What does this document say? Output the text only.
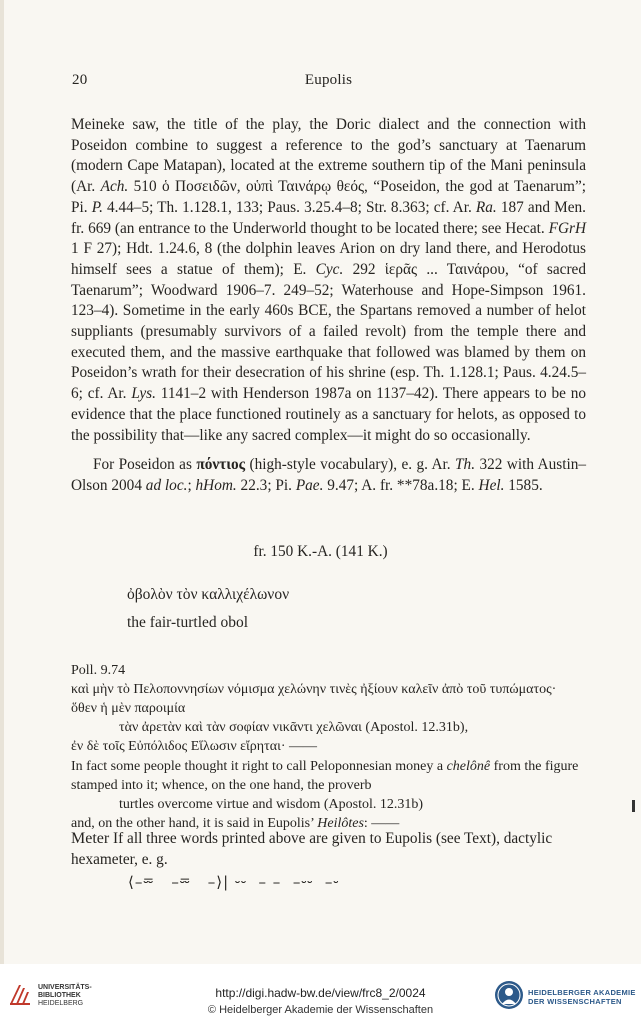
20	Eupolis

Meineke saw, the title of the play, the Doric dialect and the connection with Poseidon combine to suggest a reference to the god’s sanctuary at Taenarum (modern Cape Matapan), located at the extreme southern tip of the Mani peninsula (Ar. Ach. 510 ὁ Ποσειδῶν, οὑπὶ Ταινάρῳ θεός, “Poseidon, the god at Taenarum”; Pi. P. 4.44–5; Th. 1.128.1, 133; Paus. 3.25.4–8; Str. 8.363; cf. Ar. Ra. 187 and Men. fr. 669 (an entrance to the Underworld thought to be located there; see Hecat. FGrH 1 F 27); Hdt. 1.24.6, 8 (the dolphin leaves Arion on dry land there, and Herodotus himself sees a statue of them); E. Cyc. 292 ἱερᾶς ... Ταινάρου, “of sacred Taenarum”; Woodward 1906–7. 249–52; Waterhouse and Hope-Simpson 1961. 123–4). Sometime in the early 460s BCE, the Spartans removed a number of helot suppliants (presumably survivors of a failed revolt) from the temple there and executed them, and the massive earthquake that followed was blamed by them on Poseidon’s wrath for their desecration of his shrine (esp. Th. 1.128.1; Paus. 4.24.5–6; cf. Ar. Lys. 1141–2 with Henderson 1987a on 1137–42). There appears to be no evidence that the place functioned routinely as a sanctuary for helots, as opposed to the possibility that—like any sacred complex—it might do so occasionally.

For Poseidon as πόντιος (high-style vocabulary), e. g. Ar. Th. 322 with Austin–Olson 2004 ad loc.; hHom. 22.3; Pi. Pae. 9.47; A. fr. **78a.18; E. Hel. 1585.

fr. 150 K.-A. (141 K.)
ὀβολὸν τὸν καλλιχέλωνον
the fair-turtled obol

Poll. 9.74

καὶ μὴν τὸ Πελοποννησίων νόμισμα χελώνην τινὲς ἠξίουν καλεῖν ἀπὸ τοῦ τυπώματος·

ὅθεν ἡ μὲν παροιμία

τὰν ἀρετὰν καὶ τὰν σοφίαν νικᾶντι χελῶναι (Apostol. 12.31b),

ἐν δὲ τοῖς Εὐπόλιδος Εἵλωσιν εἴρηται· ——

In fact some people thought it right to call Peloponnesian money a chelônê from the figure stamped into it; whence, on the one hand, the proverb

turtles overcome virtue and wisdom (Apostol. 12.31b)

and, on the other hand, it is said in Eupolis’ Heilôtes: ——

Meter If all three words printed above are given to Eupolis (see Text), dactylic hexameter, e. g.

⟨–⏔   –⏔   –⟩| ⏑⏑  – –  –⏑⏑  –⏑
UNIVERSITÄTS-
BIBLIOTHEK
HEIDELBERG
http://digi.hadw-bw.de/view/frc8_2/0024
© Heidelberger Akademie der Wissenschaften
HEIDELBERGER AKADEMIE
DER WISSENSCHAFTEN
